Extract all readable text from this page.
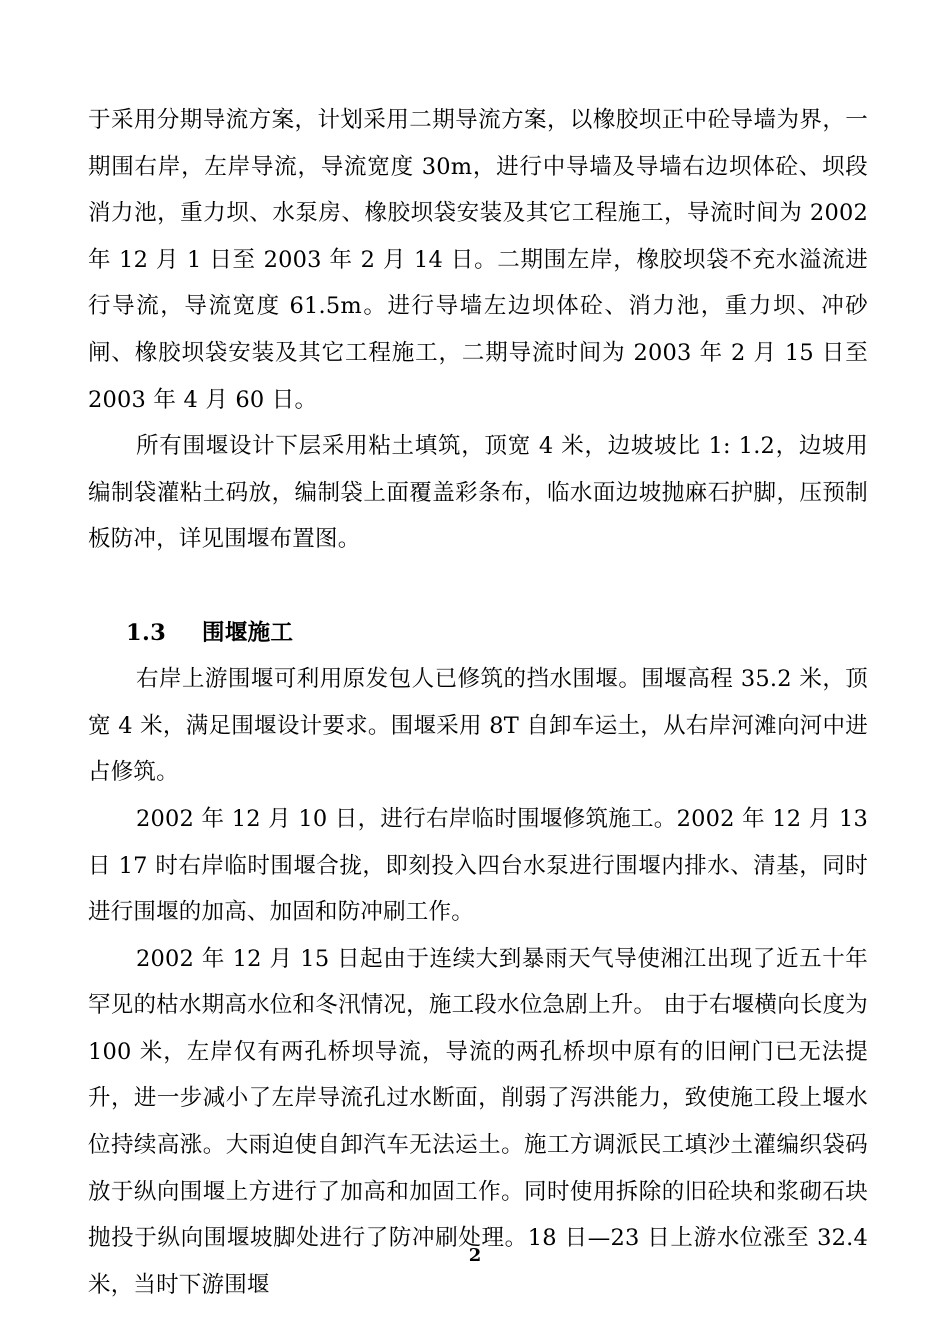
于采用分期导流方案，计划采用二期导流方案，以橡胶坝正中砼导墙为界，一期围右岸，左岸导流，导流宽度 30m，进行中导墙及导墙右边坝体砼、坝段消力池，重力坝、水泵房、橡胶坝袋安装及其它工程施工，导流时间为 2002 年 12 月 1 日至 2003 年 2 月 14 日。二期围左岸，橡胶坝袋不充水溢流进行导流，导流宽度 61.5m。进行导墙左边坝体砼、消力池，重力坝、冲砂闸、橡胶坝袋安装及其它工程施工，二期导流时间为 2003 年 2 月 15 日至 2003 年 4 月 60 日。

所有围堰设计下层采用粘土填筑，顶宽 4 米，边坡坡比 1: 1.2，边坡用编制袋灌粘土码放，编制袋上面覆盖彩条布，临水面边坡抛麻石护脚，压预制板防冲，详见围堰布置图。

1.3 围堰施工

右岸上游围堰可利用原发包人已修筑的挡水围堰。围堰高程 35.2 米，顶宽 4 米，满足围堰设计要求。围堰采用 8T 自卸车运土，从右岸河滩向河中进占修筑。

2002 年 12 月 10 日，进行右岸临时围堰修筑施工。2002 年 12 月 13 日 17 时右岸临时围堰合拢，即刻投入四台水泵进行围堰内排水、清基，同时进行围堰的加高、加固和防冲刷工作。

2002 年 12 月 15 日起由于连续大到暴雨天气导使湘江出现了近五十年罕见的枯水期高水位和冬汛情况，施工段水位急剧上升。 由于右堰横向长度为 100 米，左岸仅有两孔桥坝导流，导流的两孔桥坝中原有的旧闸门已无法提升，进一步减小了左岸导流孔过水断面，削弱了泻洪能力，致使施工段上堰水位持续高涨。大雨迫使自卸汽车无法运土。施工方调派民工填沙土灌编织袋码放于纵向围堰上方进行了加高和加固工作。同时使用拆除的旧砼块和浆砌石块抛投于纵向围堰坡脚处进行了防冲刷处理。18 日—23 日上游水位涨至 32.4 米，当时下游围堰

2
